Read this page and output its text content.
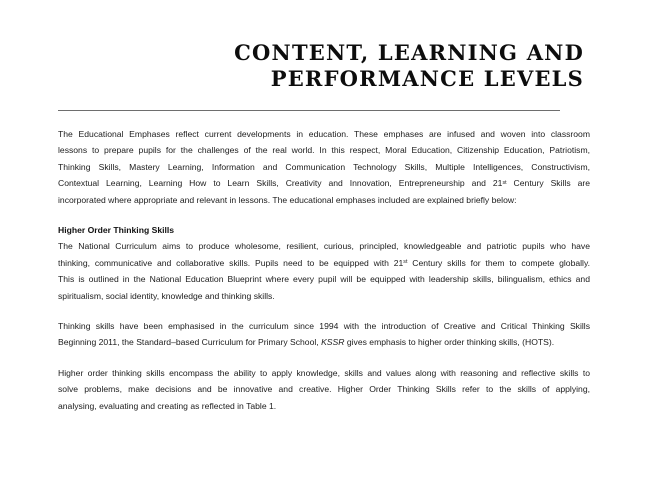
CONTENT, LEARNING AND
PERFORMANCE LEVELS
The Educational Emphases reflect current developments in education. These emphases are infused and woven into classroom
lessons to prepare pupils for the challenges of the real world. In this respect, Moral Education, Citizenship Education, Patriotism,
Thinking Skills, Mastery Learning, Information and Communication Technology Skills, Multiple Intelligences, Constructivism,
Contextual Learning, Learning How to Learn Skills, Creativity and Innovation, Entrepreneurship and 21st Century Skills are
incorporated where appropriate and relevant in lessons. The educational emphases included are explained briefly below:
Higher Order Thinking Skills
The National Curriculum aims to produce wholesome, resilient, curious, principled, knowledgeable and patriotic pupils who have
thinking, communicative and collaborative skills. Pupils need to be equipped with 21st Century skills for them to compete globally.
This is outlined in the National Education Blueprint where every pupil will be equipped with leadership skills, bilingualism, ethics and
spiritualism, social identity, knowledge and thinking skills.
Thinking skills have been emphasised in the curriculum since 1994 with the introduction of Creative and Critical Thinking Skills
Beginning 2011, the Standard–based Curriculum for Primary School, KSSR gives emphasis to higher order thinking skills, (HOTS).
Higher order thinking skills encompass the ability to apply knowledge, skills and values along with reasoning and reflective skills to
solve problems, make decisions and be innovative and creative. Higher Order Thinking Skills refer to the skills of applying,
analysing, evaluating and creating as reflected in Table 1.
